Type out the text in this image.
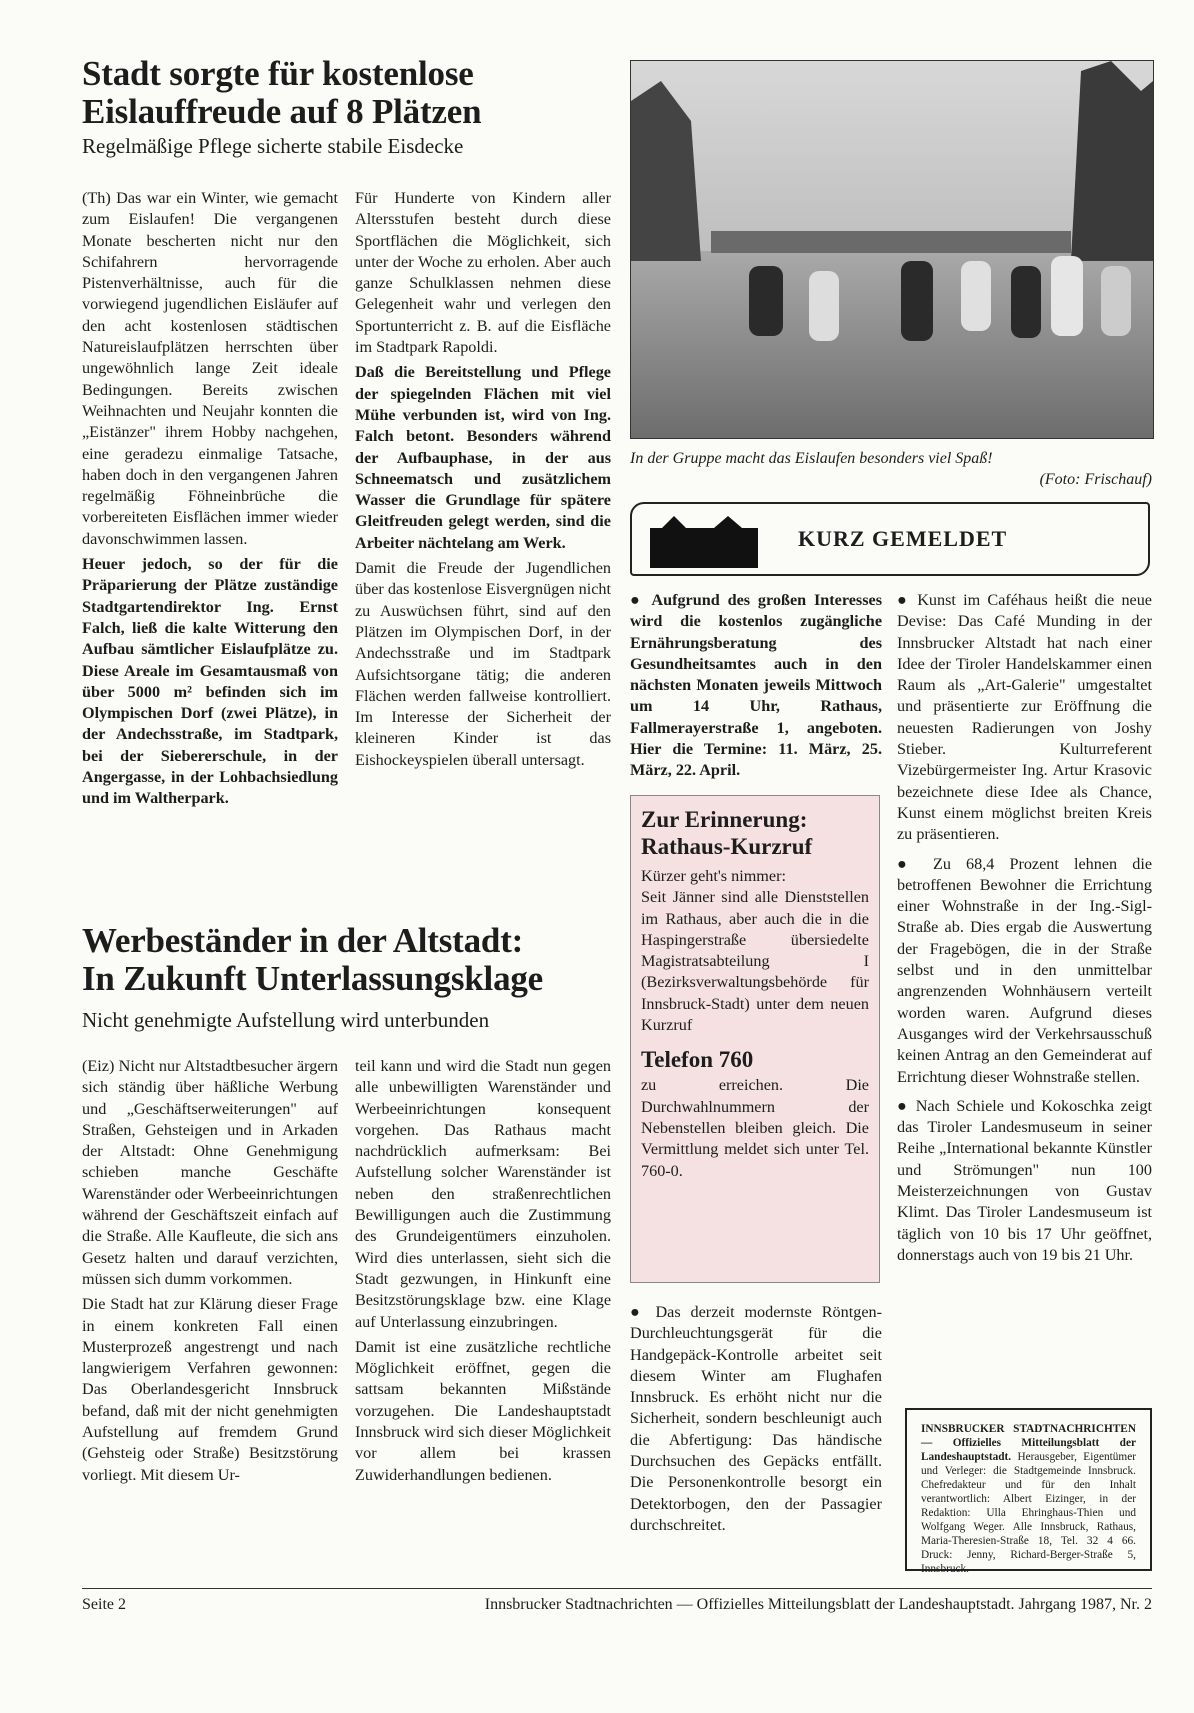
Stadt sorgte für kostenlose
Eislauffreude auf 8 Plätzen
Regelmäßige Pflege sicherte stabile Eisdecke

(Th) Das war ein Winter, wie gemacht zum Eislaufen! Die vergangenen Monate bescherten nicht nur den Schifahrern hervorragende Pistenverhältnisse, auch für die vorwiegend jugendlichen Eisläufer auf den acht kostenlosen städtischen Natureislaufplätzen herrschten über ungewöhnlich lange Zeit ideale Bedingungen. Bereits zwischen Weihnachten und Neujahr konnten die „Eistänzer" ihrem Hobby nachgehen, eine geradezu einmalige Tatsache, haben doch in den vergangenen Jahren regelmäßig Föhneinbrüche die vorbereiteten Eisflächen immer wieder davonschwimmen lassen.

Heuer jedoch, so der für die Präparierung der Plätze zuständige Stadtgartendirektor Ing. Ernst Falch, ließ die kalte Witterung den Aufbau sämtlicher Eislaufplätze zu. Diese Areale im Gesamtausmaß von über 5000 m² befinden sich im Olympischen Dorf (zwei Plätze), in der Andechsstraße, im Stadtpark, bei der Siebererschule, in der Angergasse, in der Lohbachsiedlung und im Waltherpark.

Für Hunderte von Kindern aller Altersstufen besteht durch diese Sportflächen die Möglichkeit, sich unter der Woche zu erholen. Aber auch ganze Schulklassen nehmen diese Gelegenheit wahr und verlegen den Sportunterricht z. B. auf die Eisfläche im Stadtpark Rapoldi.

Daß die Bereitstellung und Pflege der spiegelnden Flächen mit viel Mühe verbunden ist, wird von Ing. Falch betont. Besonders während der Aufbauphase, in der aus Schneematsch und zusätzlichem Wasser die Grundlage für spätere Gleitfreuden gelegt werden, sind die Arbeiter nächtelang am Werk.

Damit die Freude der Jugendlichen über das kostenlose Eisvergnügen nicht zu Auswüchsen führt, sind auf den Plätzen im Olympischen Dorf, in der Andechsstraße und im Stadtpark Aufsichtsorgane tätig; die anderen Flächen werden fallweise kontrolliert. Im Interesse der Sicherheit der kleineren Kinder ist das Eishockeyspielen überall untersagt.

In der Gruppe macht das Eislaufen besonders viel Spaß!
(Foto: Frischauf)
KURZ GEMELDET

● Aufgrund des großen Interesses wird die kostenlos zugängliche Ernährungsberatung des Gesundheitsamtes auch in den nächsten Monaten jeweils Mittwoch um 14 Uhr, Rathaus, Fallmerayerstraße 1, angeboten. Hier die Termine: 11. März, 25. März, 22. April.

Zur Erinnerung:
Rathaus-Kurzruf
Kürzer geht's nimmer:
Seit Jänner sind alle Dienststellen im Rathaus, aber auch die in die Haspingerstraße übersiedelte Magistratsabteilung I (Bezirksverwaltungsbehörde für Innsbruck-Stadt) unter dem neuen Kurzruf
Telefon 760
zu erreichen. Die Durchwahlnummern der Nebenstellen bleiben gleich. Die Vermittlung meldet sich unter Tel. 760-0.

● Das derzeit modernste Röntgen-Durchleuchtungsgerät für die Handgepäck-Kontrolle arbeitet seit diesem Winter am Flughafen Innsbruck. Es erhöht nicht nur die Sicherheit, sondern beschleunigt auch die Abfertigung: Das händische Durchsuchen des Gepäcks entfällt. Die Personenkontrolle besorgt ein Detektorbogen, den der Passagier durchschreitet.

● Kunst im Caféhaus heißt die neue Devise: Das Café Munding in der Innsbrucker Altstadt hat nach einer Idee der Tiroler Handelskammer einen Raum als „Art-Galerie" umgestaltet und präsentierte zur Eröffnung die neuesten Radierungen von Joshy Stieber. Kulturreferent Vizebürgermeister Ing. Artur Krasovic bezeichnete diese Idee als Chance, Kunst einem möglichst breiten Kreis zu präsentieren.

● Zu 68,4 Prozent lehnen die betroffenen Bewohner die Errichtung einer Wohnstraße in der Ing.-Sigl-Straße ab. Dies ergab die Auswertung der Fragebögen, die in der Straße selbst und in den unmittelbar angrenzenden Wohnhäusern verteilt worden waren. Aufgrund dieses Ausganges wird der Verkehrsausschuß keinen Antrag an den Gemeinderat auf Errichtung dieser Wohnstraße stellen.

● Nach Schiele und Kokoschka zeigt das Tiroler Landesmuseum in seiner Reihe „International bekannte Künstler und Strömungen" nun 100 Meisterzeichnungen von Gustav Klimt. Das Tiroler Landesmuseum ist täglich von 10 bis 17 Uhr geöffnet, donnerstags auch von 19 bis 21 Uhr.

INNSBRUCKER STADTNACHRICHTEN — Offizielles Mitteilungsblatt der Landeshauptstadt. Herausgeber, Eigentümer und Verleger: die Stadtgemeinde Innsbruck. Chefredakteur und für den Inhalt verantwortlich: Albert Eizinger, in der Redaktion: Ulla Ehringhaus-Thien und Wolfgang Weger. Alle Innsbruck, Rathaus, Maria-Theresien-Straße 18, Tel. 32 4 66. Druck: Jenny, Richard-Berger-Straße 5, Innsbruck.
Werbeständer in der Altstadt:
In Zukunft Unterlassungsklage
Nicht genehmigte Aufstellung wird unterbunden

(Eiz) Nicht nur Altstadtbesucher ärgern sich ständig über häßliche Werbung und „Geschäftserweiterungen" auf Straßen, Gehsteigen und in Arkaden der Altstadt: Ohne Genehmigung schieben manche Geschäfte Warenständer oder Werbeeinrichtungen während der Geschäftszeit einfach auf die Straße. Alle Kaufleute, die sich ans Gesetz halten und darauf verzichten, müssen sich dumm vorkommen.

Die Stadt hat zur Klärung dieser Frage in einem konkreten Fall einen Musterprozeß angestrengt und nach langwierigem Verfahren gewonnen: Das Oberlandesgericht Innsbruck befand, daß mit der nicht genehmigten Aufstellung auf fremdem Grund (Gehsteig oder Straße) Besitzstörung vorliegt. Mit diesem Ur-

teil kann und wird die Stadt nun gegen alle unbewilligten Warenständer und Werbeeinrichtungen konsequent vorgehen. Das Rathaus macht nachdrücklich aufmerksam: Bei Aufstellung solcher Warenständer ist neben den straßenrechtlichen Bewilligungen auch die Zustimmung des Grundeigentümers einzuholen. Wird dies unterlassen, sieht sich die Stadt gezwungen, in Hinkunft eine Besitzstörungsklage bzw. eine Klage auf Unterlassung einzubringen.

Damit ist eine zusätzliche rechtliche Möglichkeit eröffnet, gegen die sattsam bekannten Mißstände vorzugehen. Die Landeshauptstadt Innsbruck wird sich dieser Möglichkeit vor allem bei krassen Zuwiderhandlungen bedienen.

Seite 2	Innsbrucker Stadtnachrichten — Offizielles Mitteilungsblatt der Landeshauptstadt. Jahrgang 1987, Nr. 2
